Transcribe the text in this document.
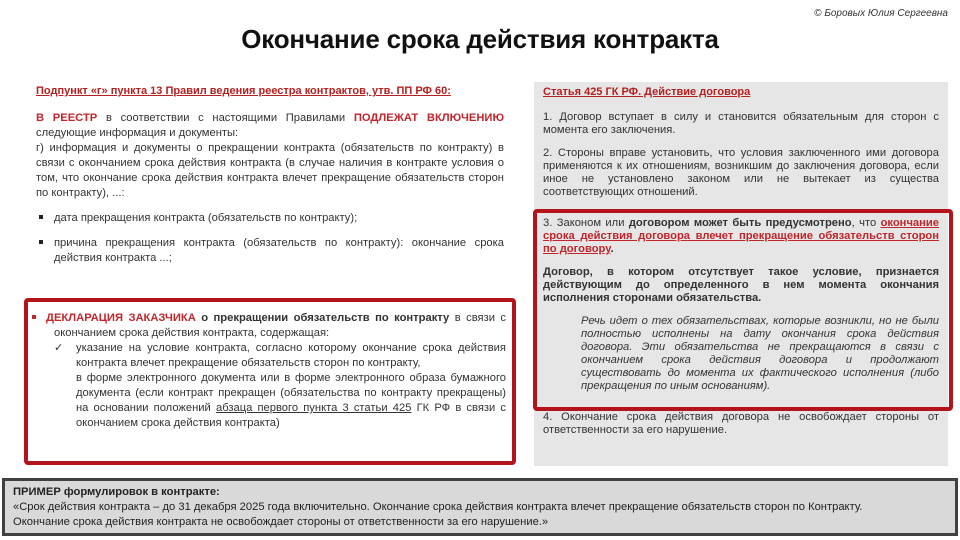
© Боровых Юлия Сергеевна
Окончание срока действия контракта

Подпункт «г» пункта 13 Правил ведения реестра контрактов, утв. ПП РФ 60:

В РЕЕСТР в соответствии с настоящими Правилами ПОДЛЕЖАТ ВКЛЮЧЕНИЮ следующие информация и документы:

г) информация и документы о прекращении контракта (обязательств по контракту) в связи с окончанием срока действия контракта (в случае наличия в контракте условия о том, что окончание срока действия контракта влечет прекращение обязательств сторон по контракту), ...:

дата прекращения контракта (обязательств по контракту);
причина прекращения контракта (обязательств по контракту): окончание срока действия контракта ...;

ДЕКЛАРАЦИЯ ЗАКАЗЧИКА о прекращении обязательств по контракту в связи с окончанием срока действия контракта, содержащая:

✓	указание на условие контракта, согласно которому окончание срока действия контракта влечет прекращение обязательств сторон по контракту,

в форме электронного документа или в форме электронного образа бумажного документа (если контракт прекращен (обязательства по контракту прекращены) на основании положений абзаца первого пункта 3 статьи 425 ГК РФ в связи с окончанием срока действия контракта)

Статья 425 ГК РФ. Действие договора

1. Договор вступает в силу и становится обязательным для сторон с момента его заключения.

2. Стороны вправе установить, что условия заключенного ими договора применяются к их отношениям, возникшим до заключения договора, если иное не установлено законом или не вытекает из существа соответствующих отношений.

3. Законом или договором может быть предусмотрено, что окончание срока действия договора влечет прекращение обязательств сторон по договору.

Договор, в котором отсутствует такое условие, признается действующим до определенного в нем момента окончания исполнения сторонами обязательства.

Речь идет о тех обязательствах, которые возникли, но не были полностью исполнены на дату окончания срока действия договора. Эти обязательства не прекращаются в связи с окончанием срока действия договора и продолжают существовать до момента их фактического исполнения (либо прекращения по иным основаниям).

4. Окончание срока действия договора не освобождает стороны от ответственности за его нарушение.

ПРИМЕР формулировок в контракте:
«Срок действия контракта – до 31 декабря 2025 года включительно. Окончание срока действия контракта влечет прекращение обязательств сторон по Контракту.
Окончание срока действия контракта не освобождает стороны от ответственности за его нарушение.»
